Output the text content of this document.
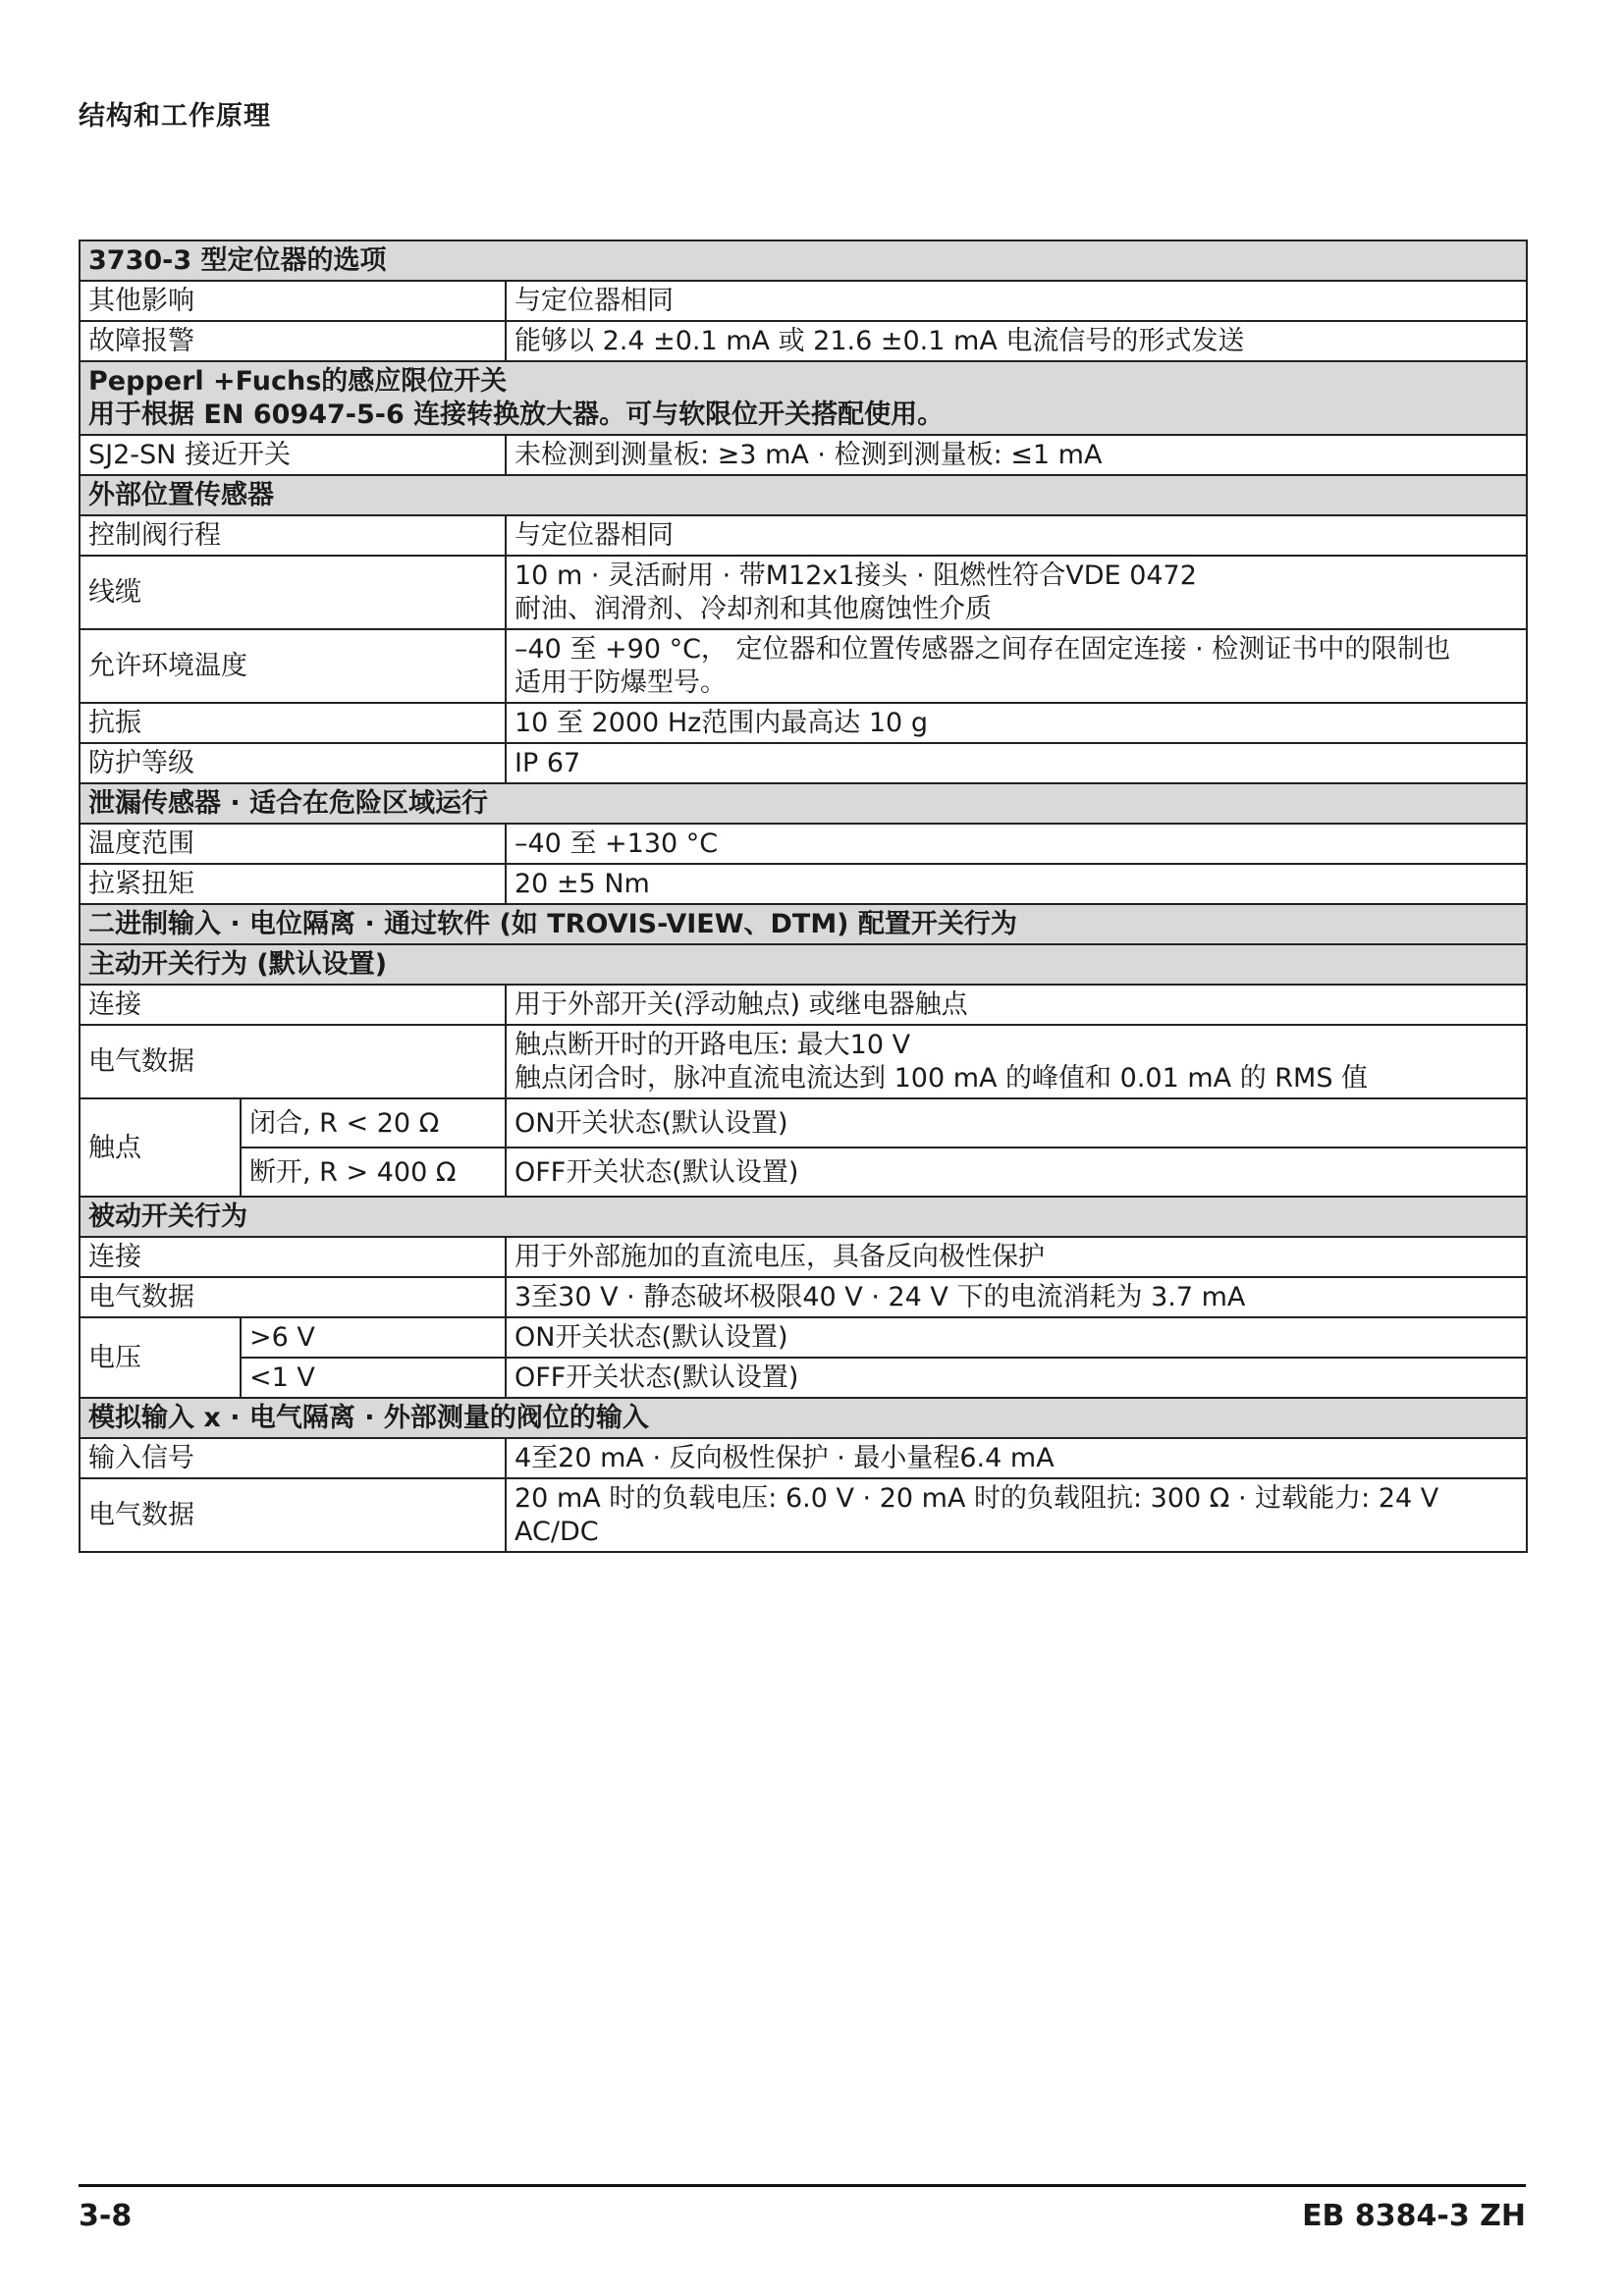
结构和工作原理
3730-3 型定位器的选项		
其他影响		与定位器相同
故障报警		能够以 2.4 ±0.1 mA 或 21.6 ±0.1 mA 电流信号的形式发送

Pepperl +Fuchs的感应限位开关
用于根据 EN 60947-5-6 连接转换放大器。可与软限位开关搭配使用。		

SJ2-SN 接近开关		未检测到测量板: ≥3 mA · 检测到测量板: ≤1 mA
外部位置传感器		
控制阀行程		与定位器相同
线缆		10 m · 灵活耐用 · 带M12x1接头 · 阻燃性符合VDE 0472
耐油、润滑剂、冷却剂和其他腐蚀性介质

允许环境温度		–40 至 +90 °C， 定位器和位置传感器之间存在固定连接 · 检测证书中的限制也
适用于防爆型号。

抗振		10 至 2000 Hz范围内最高达 10 g
防护等级		IP 67
泄漏传感器 · 适合在危险区域运行		
温度范围		–40 至 +130 °C
拉紧扭矩		20 ±5 Nm
二进制输入 · 电位隔离 · 通过软件 (如 TROVIS-VIEW、DTM) 配置开关行为		
主动开关行为 (默认设置)		
连接		用于外部开关(浮动触点) 或继电器触点
电气数据		触点断开时的开路电压: 最大10 V
触点闭合时，脉冲直流电流达到 100 mA 的峰值和 0.01 mA 的 RMS 值

触点	闭合, R < 20 Ω	ON开关状态(默认设置)
	断开, R > 400 Ω	OFF开关状态(默认设置)
被动开关行为		
连接		用于外部施加的直流电压，具备反向极性保护
电气数据		3至30 V · 静态破坏极限40 V · 24 V 下的电流消耗为 3.7 mA
电压	>6 V	ON开关状态(默认设置)
	<1 V	OFF开关状态(默认设置)
模拟输入 x · 电气隔离 · 外部测量的阀位的输入		
输入信号		4至20 mA · 反向极性保护 · 最小量程6.4 mA
电气数据		20 mA 时的负载电压: 6.0 V · 20 mA 时的负载阻抗: 300 Ω · 过载能力: 24 V
AC/DC
3-8	EB 8384-3 ZH
